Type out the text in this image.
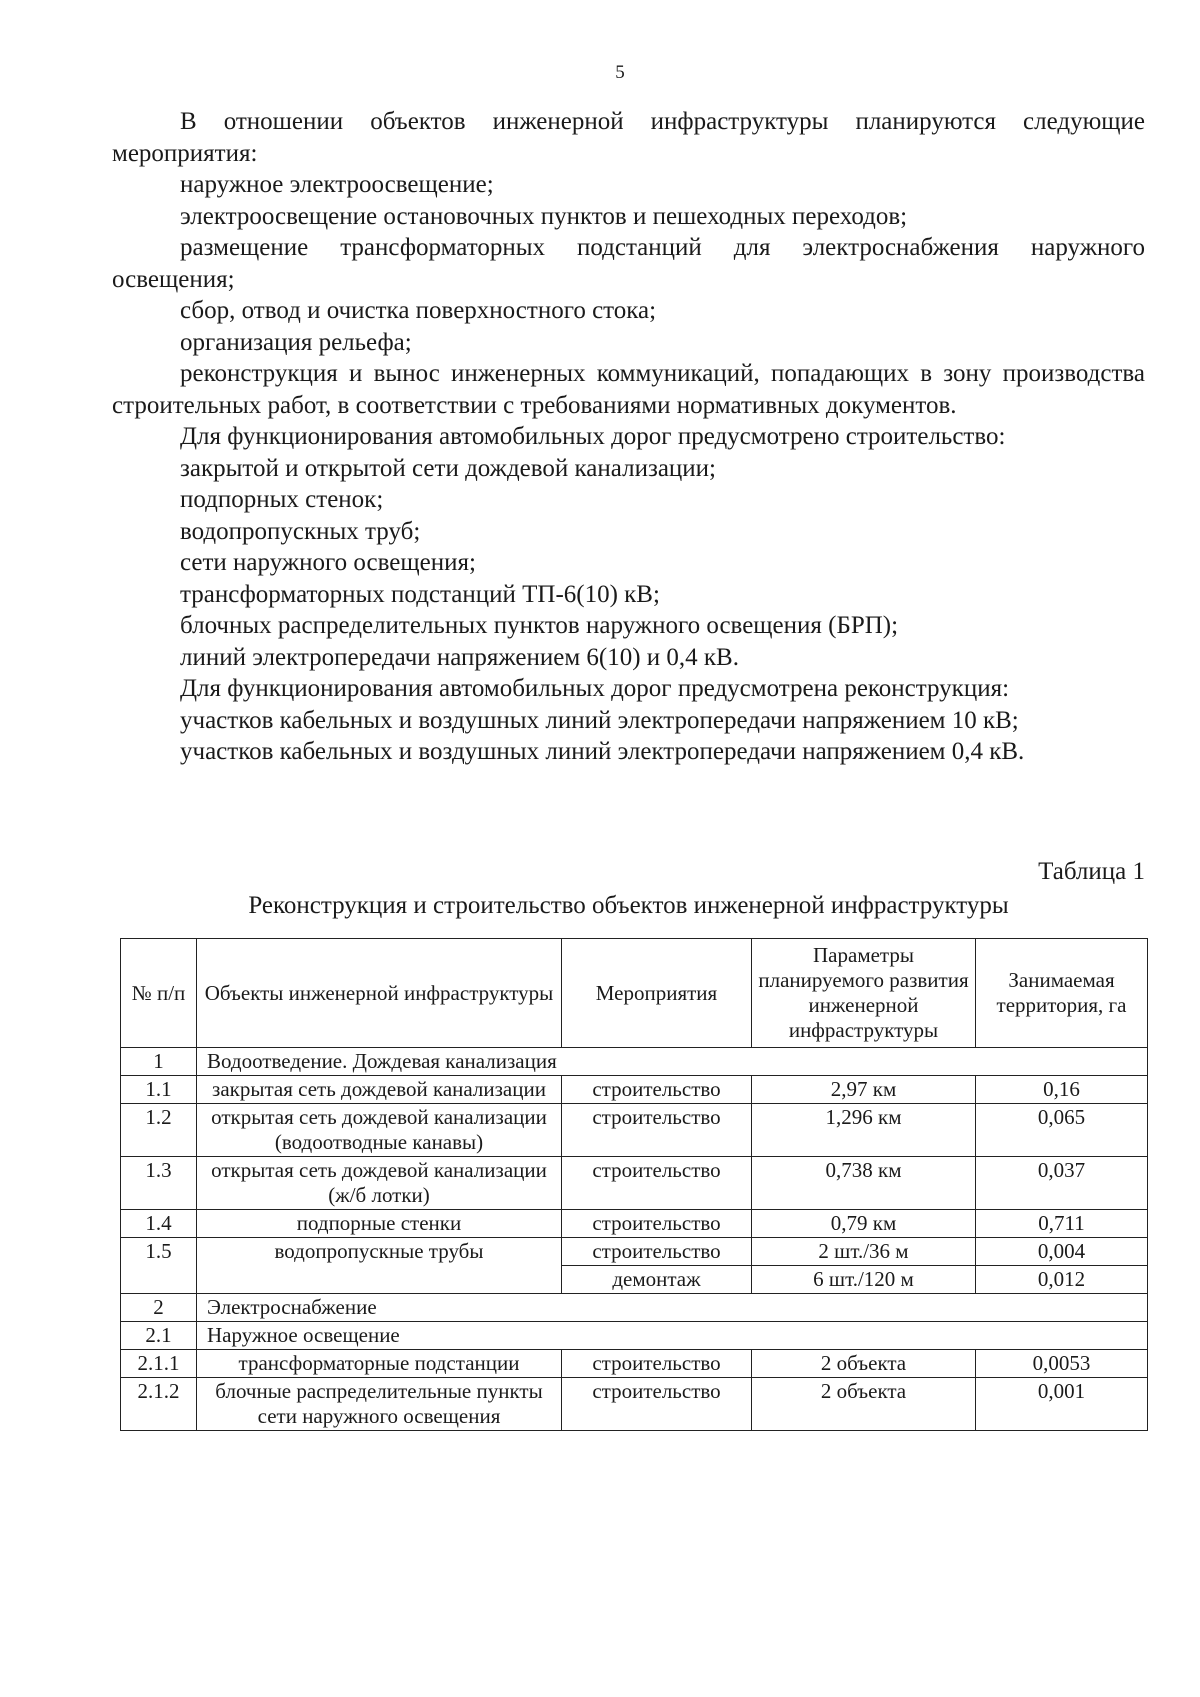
5

В отношении объектов инженерной инфраструктуры планируются следующие мероприятия:

наружное электроосвещение;

электроосвещение остановочных пунктов и пешеходных переходов;

размещение трансформаторных подстанций для электроснабжения наружного освещения;

сбор, отвод и очистка поверхностного стока;

организация рельефа;

реконструкция и вынос инженерных коммуникаций, попадающих в зону производства строительных работ, в соответствии с требованиями нормативных документов.

Для функционирования автомобильных дорог предусмотрено строительство:

закрытой и открытой сети дождевой канализации;

подпорных стенок;

водопропускных труб;

сети наружного освещения;

трансформаторных подстанций ТП-6(10) кВ;

блочных распределительных пунктов наружного освещения (БРП);

линий электропередачи напряжением 6(10) и 0,4 кВ.

Для функционирования автомобильных дорог предусмотрена реконструкция:

участков кабельных и воздушных линий электропередачи напряжением 10 кВ;

участков кабельных и воздушных линий электропередачи напряжением 0,4 кВ.

Таблица 1
Реконструкция и строительство объектов инженерной инфраструктуры
№ п/п	Объекты инженерной инфраструктуры	Мероприятия	Параметры планируемого развития инженерной инфраструктуры	Занимаемая территория, га
1	Водоотведение. Дождевая канализация			
1.1	закрытая сеть дождевой канализации	строительство	2,97 км	0,16
1.2	открытая сеть дождевой канализации (водоотводные канавы)	строительство	1,296 км	0,065
1.3	открытая сеть дождевой канализации (ж/б лотки)	строительство	0,738 км	0,037
1.4	подпорные стенки	строительство	0,79 км	0,711
1.5	водопропускные трубы	строительство	2 шт./36 м	0,004
		демонтаж	6 шт./120 м	0,012
2	Электроснабжение			
2.1	Наружное освещение			
2.1.1	трансформаторные подстанции	строительство	2 объекта	0,0053
2.1.2	блочные распределительные пункты сети наружного освещения	строительство	2 объекта	0,001
